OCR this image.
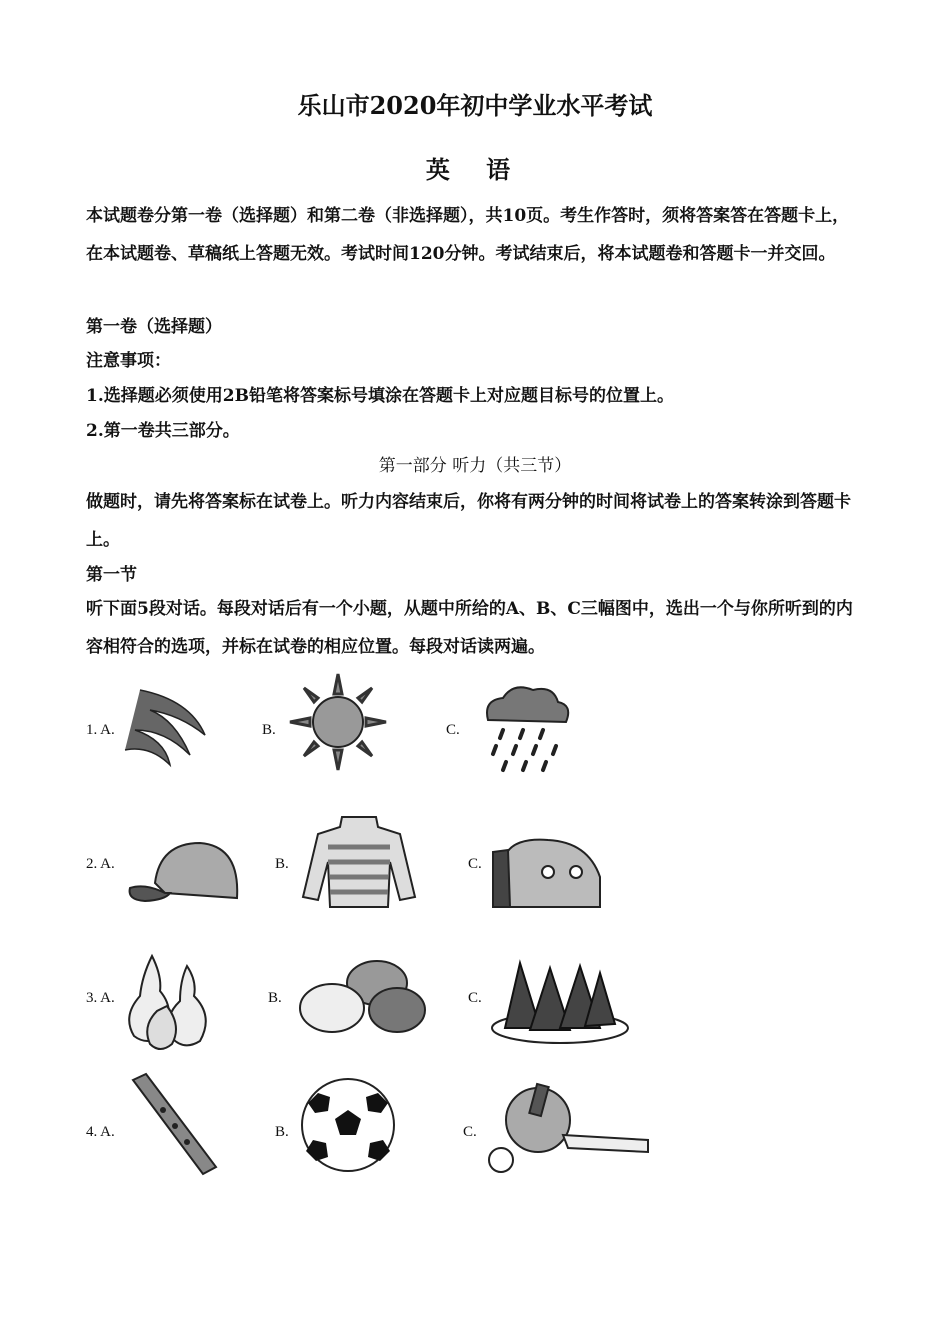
乐山市2020年初中学业水平考试
英 语
本试题卷分第一卷（选择题）和第二卷（非选择题），共10页。考生作答时，须将答案答在答题卡上，在本试题卷、草稿纸上答题无效。考试时间120分钟。考试结束后，将本试题卷和答题卡一并交回。
第一卷（选择题）
注意事项：
1.选择题必须使用2B铅笔将答案标号填涂在答题卡上对应题目标号的位置上。
2.第一卷共三部分。
第一部分 听力（共三节）
做题时，请先将答案标在试卷上。听力内容结束后，你将有两分钟的时间将试卷上的答案转涂到答题卡上。
第一节
听下面5段对话。每段对话后有一个小题，从题中所给的A、B、C三幅图中，选出一个与你所听到的内容相符合的选项，并标在试卷的相应位置。每段对话读两遍。
1. A.	B.	C.
2. A.	B.	C.
3. A.	B.	C.
4. A.	B.	C.
